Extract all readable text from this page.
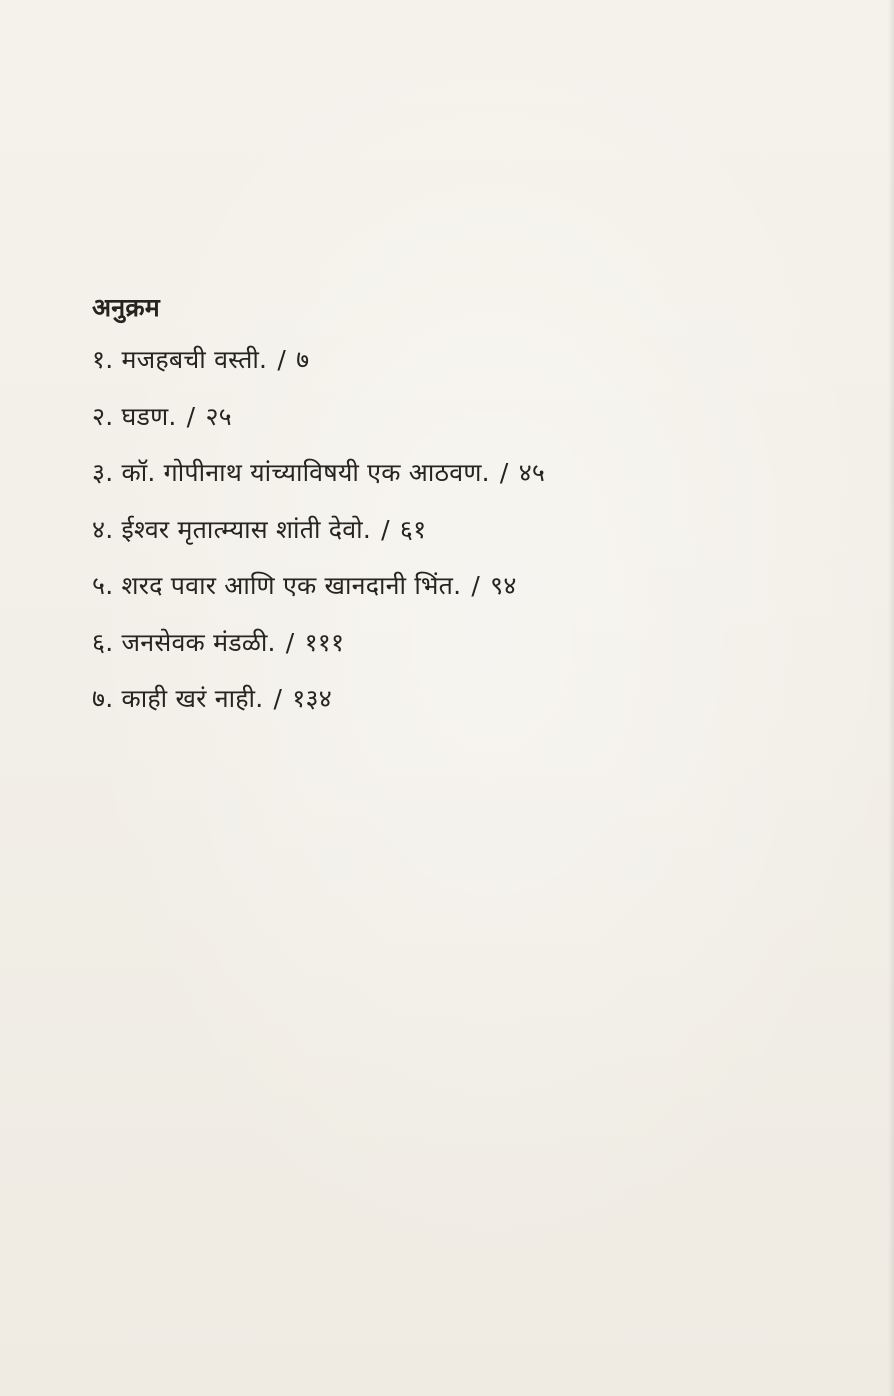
अनुक्रम
१. मजहबची वस्ती. / ७
२. घडण. / २५
३. कॉ. गोपीनाथ यांच्याविषयी एक आठवण. / ४५
४. ईश्वर मृतात्म्यास शांती देवो. / ६१
५. शरद पवार आणि एक खानदानी भिंत. / ९४
६. जनसेवक मंडळी. / १११
७. काही खरं नाही. / १३४
